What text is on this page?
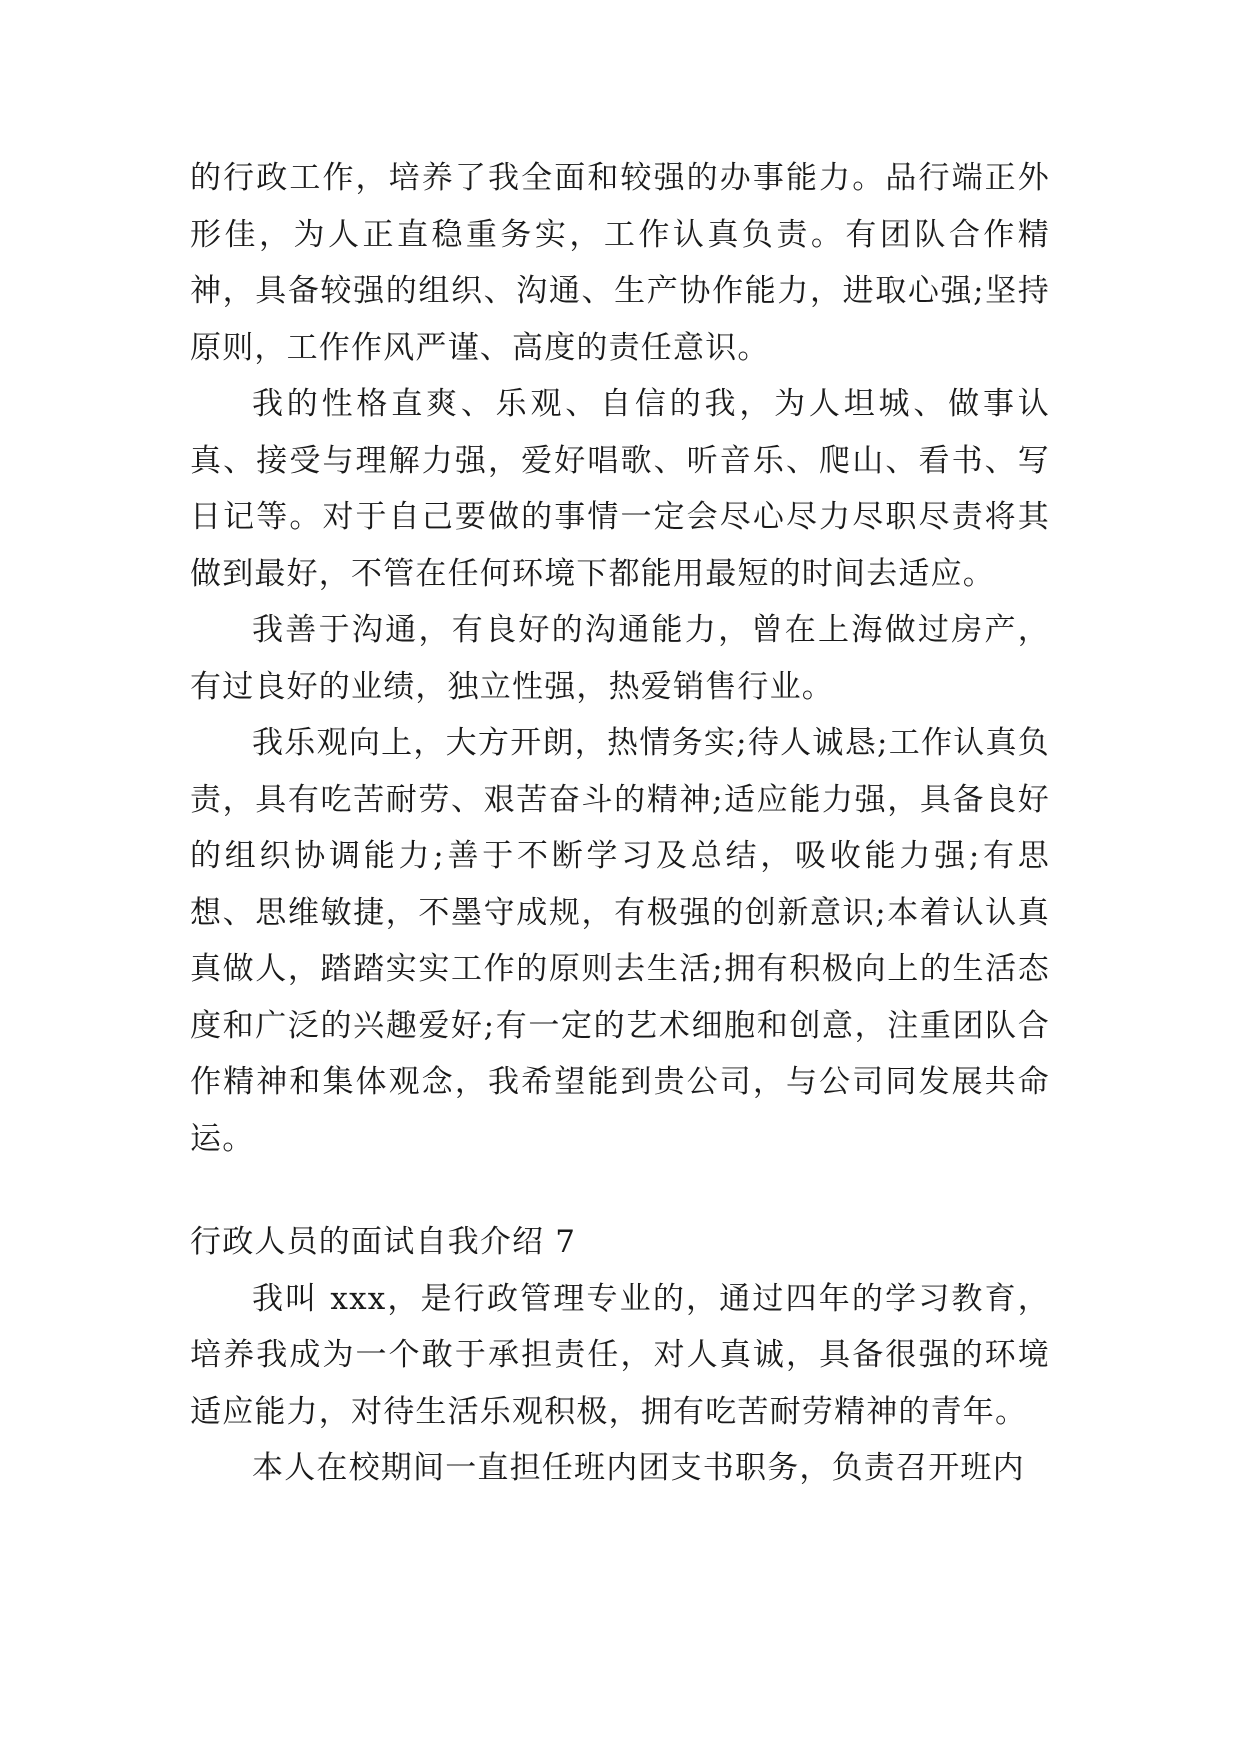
的行政工作，培养了我全面和较强的办事能力。品行端正外形佳，为人正直稳重务实，工作认真负责。有团队合作精神，具备较强的组织、沟通、生产协作能力，进取心强;坚持原则，工作作风严谨、高度的责任意识。

我的性格直爽、乐观、自信的我，为人坦城、做事认真、接受与理解力强，爱好唱歌、听音乐、爬山、看书、写日记等。对于自己要做的事情一定会尽心尽力尽职尽责将其做到最好，不管在任何环境下都能用最短的时间去适应。

我善于沟通，有良好的沟通能力，曾在上海做过房产，有过良好的业绩，独立性强，热爱销售行业。

我乐观向上，大方开朗，热情务实;待人诚恳;工作认真负责，具有吃苦耐劳、艰苦奋斗的精神;适应能力强，具备良好的组织协调能力;善于不断学习及总结，吸收能力强;有思想、思维敏捷，不墨守成规，有极强的创新意识;本着认认真真做人，踏踏实实工作的原则去生活;拥有积极向上的生活态度和广泛的兴趣爱好;有一定的艺术细胞和创意，注重团队合作精神和集体观念，我希望能到贵公司，与公司同发展共命运。

行政人员的面试自我介绍 7

我叫 xxx，是行政管理专业的，通过四年的学习教育，培养我成为一个敢于承担责任，对人真诚，具备很强的环境适应能力，对待生活乐观积极，拥有吃苦耐劳精神的青年。

本人在校期间一直担任班内团支书职务，负责召开班内
